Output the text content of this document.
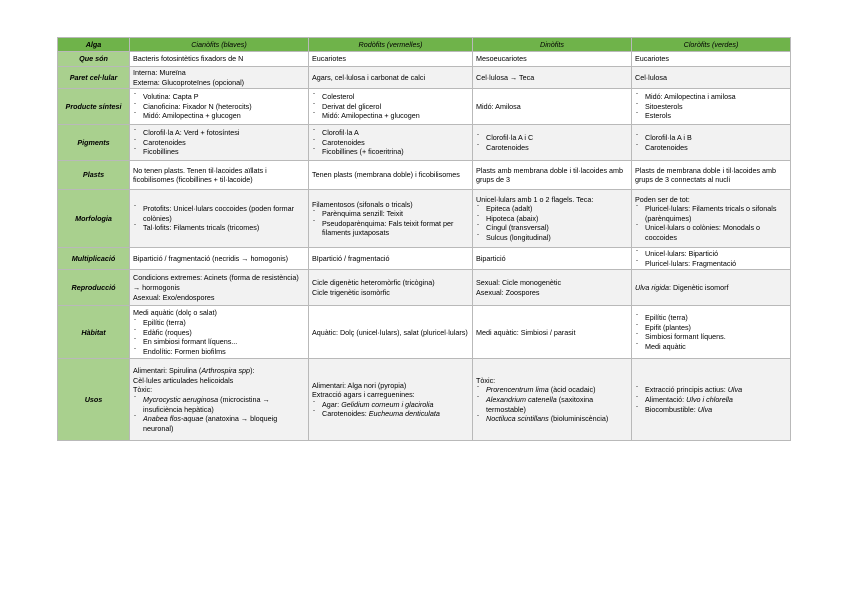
Alga	Cianòfits (blaves)	Rodòfits (vermelles)	Dinòfits	Cloròfits (verdes)
Que són	Bacteris fotosintètics fixadors de N	Eucariotes	Mesoeucariotes	Eucariotes

Paret cel·lular	Interna: Mureïna
Externa: Glucoproteïnes (opcional)	Agars, cel·lulosa i carbonat de calci	Cel·lulosa → Teca	Cel·lulosa

Producte síntesi	- Volutina: Capta P
- Cianoficina: Fixador N (heterocits)
- Midó: Amilopectina + glucogen	- Colesterol
- Derivat del glicerol
- Midó: Amilopectina + glucogen	Midó: Amilosa	- Midó: Amilopectina i amilosa
- Sitoesterols
- Esterols

Pigments	- Clorofil·la A: Verd + fotosíntesi
- Carotenoides
- Ficobillines	- Clorofil·la A
- Carotenoides
- Ficobillines (+ ficoeritrina)	- Clorofil·la A i C
- Carotenoides	- Clorofil·la A i B
- Carotenoides

Plasts	No tenen plasts. Tenen til·lacoides aïllats i ficobilisomes (ficobillines + til·lacoide)	Tenen plasts (membrana doble) i ficobilisomes	Plasts amb membrana doble i til·lacoides amb grups de 3	Plasts de membrana doble i til·lacoides amb grups de 3 connectats al nucli

Morfologia	- Protofits: Unicel·lulars coccoides (poden formar colònies)
- Tal·lofits: Filaments tricals (tricomes)	Filamentosos (sifonals o tricals)
- Parènquima senzill: Teixit
- Pseudoparènquima: Fals teixit format per filaments juxtaposats	Unicel·lulars amb 1 o 2 flagels. Teca:
- Epiteca (adalt)
- Hipoteca (abaix)
- Cíngul (transversal)
- Sulcus (longitudinal)	Poden ser de tot:
- Pluricel·lulars: Filaments tricals o sifonals (parènquimes)
- Unicel·lulars o colònies: Monodals o coccoides

Multiplicació	Bipartició / fragmentació (necridis → homogonis)	BIpartició / fragmentació	Bipartició	- Unicel·lulars: Bipartició
- Pluricel·lulars: Fragmentació

Reproducció	Condicions extremes: Acinets (forma de resistència) → hormogonis
Asexual: Exo/endospores	Cicle digenètic heteromòrfic (tricògina)
Cicle trigenètic isomòrfic	Sexual: Cicle monogenètic
Asexual: Zoospores	Ulva rigida: Digenètic isomorf

Hàbitat	Medi aquàtic (dolç o salat)
- Epilític (terra)
- Edàfic (roques)
- En simbiosi formant líquens...
- Endolític: Formen biofilms	Aquàtic: Dolç (unicel·lulars), salat (pluricel·lulars)	Medi aquàtic: Simbiosi / parasit	- Epilític (terra)
- Epifit (plantes)
- Simbiosi formant líquens.
- Medi aquàtic

Usos	Alimentari: Spirulina (Arthrospira spp):
Cèl·lules articulades helicoidals
Tòxic:
- Mycrocystic aeruginosa (microcistina → insuficiència hepàtica)
- Anabea flos-aquae (anatoxina → bloqueig neuronal)	Alimentari: Alga nori (pyropia)
Extracció agars i carreguenines:
- Agar: Gelidium corneum i glacirolia
- Carotenoides: Eucheuma denticulata	Tòxic:
- Prorencentrum lima (àcid ocadaic)
- Alexandrium catenella (saxitoxina termostable)
- Noctiluca scintillans (bioluminiscència)	- Extracció principis actius: Ulva
- Alimentació: Ulvo i chlorella
- Biocombustible: Ulva
